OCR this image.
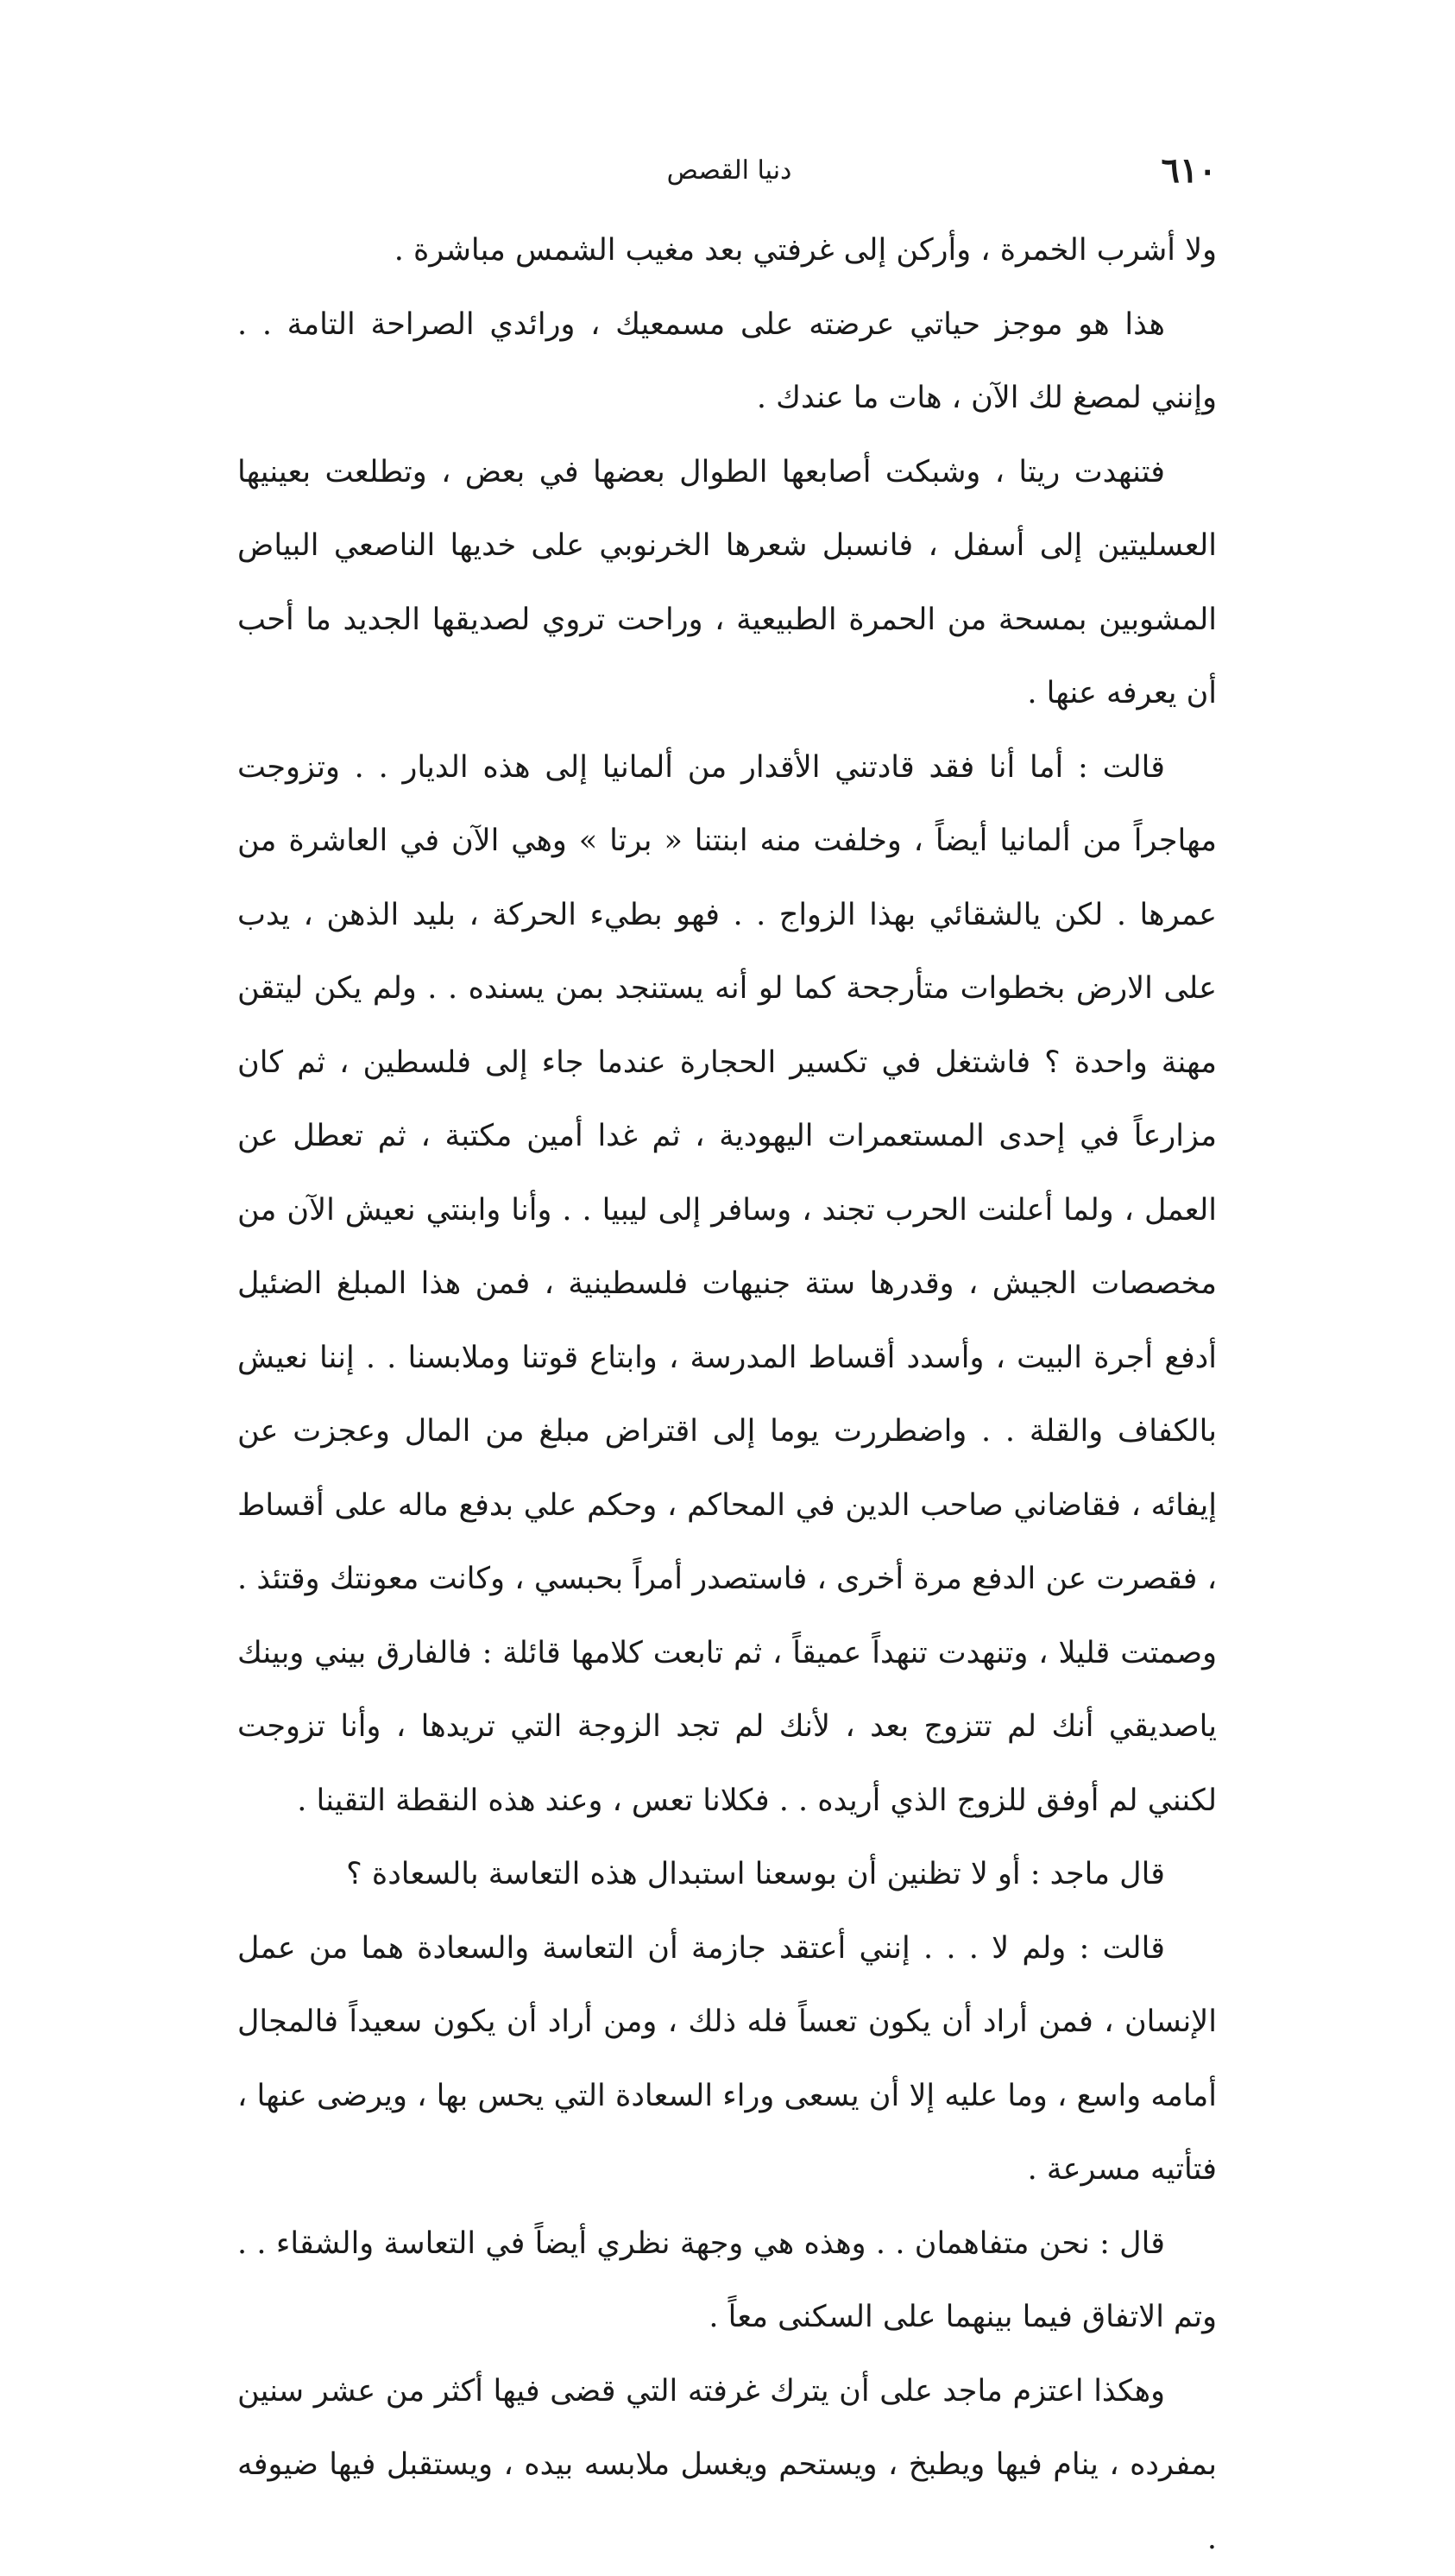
٦١٠
دنيا القصص

ولا أشرب الخمرة ، وأركن إلى غرفتي بعد مغيب الشمس مباشرة .

هذا هو موجز حياتي عرضته على مسمعيك ، ورائدي الصراحة التامة . . وإنني لمصغ لك الآن ، هات ما عندك .

فتنهدت ريتا ، وشبكت أصابعها الطوال بعضها في بعض ، وتطلعت بعينيها العسليتين إلى أسفل ، فانسبل شعرها الخرنوبي على خديها الناصعي البياض المشوبين بمسحة من الحمرة الطبيعية ، وراحت تروي لصديقها الجديد ما أحب أن يعرفه عنها .

قالت : أما أنا فقد قادتني الأقدار من ألمانيا إلى هذه الديار . . وتزوجت مهاجراً من ألمانيا أيضاً ، وخلفت منه ابنتنا « برتا » وهي الآن في العاشرة من عمرها . لكن يالشقائي بهذا الزواج . . فهو بطيء الحركة ، بليد الذهن ، يدب على الارض بخطوات متأرجحة كما لو أنه يستنجد بمن يسنده . . ولم يكن ليتقن مهنة واحدة ؟ فاشتغل في تكسير الحجارة عندما جاء إلى فلسطين ، ثم كان مزارعاً في إحدى المستعمرات اليهودية ، ثم غدا أمين مكتبة ، ثم تعطل عن العمل ، ولما أعلنت الحرب تجند ، وسافر إلى ليبيا . . وأنا وابنتي نعيش الآن من مخصصات الجيش ، وقدرها ستة جنيهات فلسطينية ، فمن هذا المبلغ الضئيل أدفع أجرة البيت ، وأسدد أقساط المدرسة ، وابتاع قوتنا وملابسنا . . إننا نعيش بالكفاف والقلة . . واضطررت يوما إلى اقتراض مبلغ من المال وعجزت عن إيفائه ، فقاضاني صاحب الدين في المحاكم ، وحكم علي بدفع ماله على أقساط ، فقصرت عن الدفع مرة أخرى ، فاستصدر أمراً بحبسي ، وكانت معونتك وقتئذ . وصمتت قليلا ، وتنهدت تنهداً عميقاً ، ثم تابعت كلامها قائلة : فالفارق بيني وبينك ياصديقي أنك لم تتزوج بعد ، لأنك لم تجد الزوجة التي تريدها ، وأنا تزوجت لكنني لم أوفق للزوج الذي أريده . . فكلانا تعس ، وعند هذه النقطة التقينا .

قال ماجد : أو لا تظنين أن بوسعنا استبدال هذه التعاسة بالسعادة ؟

قالت : ولم لا . . . إنني أعتقد جازمة أن التعاسة والسعادة هما من عمل الإنسان ، فمن أراد أن يكون تعساً فله ذلك ، ومن أراد أن يكون سعيداً فالمجال أمامه واسع ، وما عليه إلا أن يسعى وراء السعادة التي يحس بها ، ويرضى عنها ، فتأتيه مسرعة .

قال : نحن متفاهمان . . وهذه هي وجهة نظري أيضاً في التعاسة والشقاء . . وتم الاتفاق فيما بينهما على السكنى معاً .

وهكذا اعتزم ماجد على أن يترك غرفته التي قضى فيها أكثر من عشر سنين بمفرده ، ينام فيها ويطبخ ، ويستحم ويغسل ملابسه بيده ، ويستقبل فيها ضيوفه .
